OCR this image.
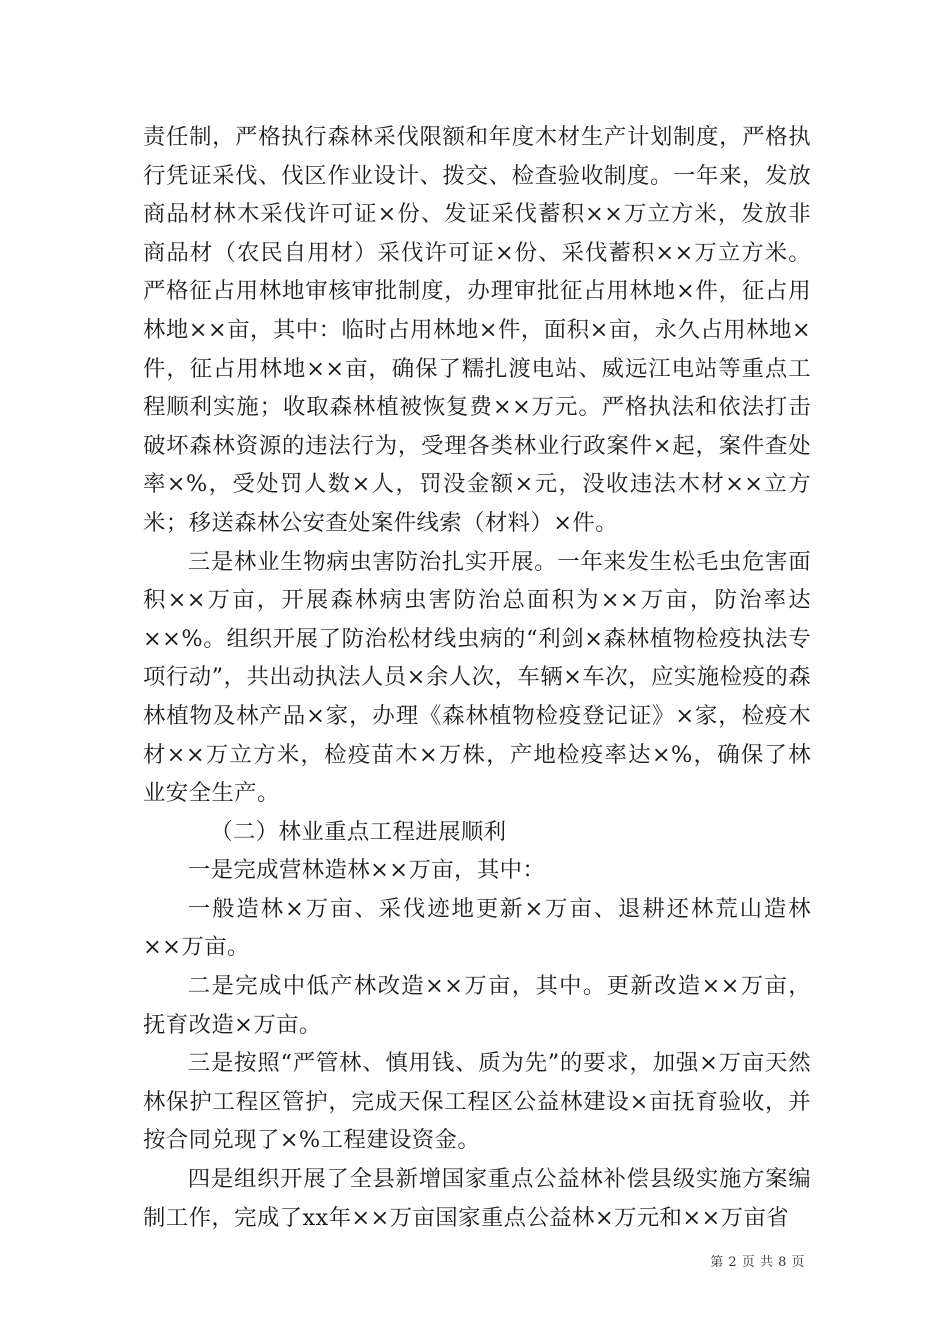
责任制，严格执行森林采伐限额和年度木材生产计划制度，严格执行凭证采伐、伐区作业设计、拨交、检查验收制度。一年来，发放商品材林木采伐许可证×份、发证采伐蓄积××万立方米，发放非商品材（农民自用材）采伐许可证×份、采伐蓄积××万立方米。严格征占用林地审核审批制度，办理审批征占用林地×件，征占用林地××亩，其中：临时占用林地×件，面积×亩，永久占用林地×件，征占用林地××亩，确保了糯扎渡电站、威远江电站等重点工程顺利实施；收取森林植被恢复费××万元。严格执法和依法打击破坏森林资源的违法行为，受理各类林业行政案件×起，案件查处率×%，受处罚人数×人，罚没金额×元，没收违法木材××立方米；移送森林公安查处案件线索（材料）×件。

三是林业生物病虫害防治扎实开展。一年来发生松毛虫危害面积××万亩，开展森林病虫害防治总面积为××万亩，防治率达××%。组织开展了防治松材线虫病的“利剑×森林植物检疫执法专项行动”，共出动执法人员×余人次，车辆×车次，应实施检疫的森林植物及林产品×家，办理《森林植物检疫登记证》×家，检疫木材××万立方米，检疫苗木×万株，产地检疫率达×%，确保了林业安全生产。

（二）林业重点工程进展顺利

一是完成营林造林××万亩，其中：

一般造林×万亩、采伐迹地更新×万亩、退耕还林荒山造林××万亩。

二是完成中低产林改造××万亩，其中。更新改造××万亩，抚育改造×万亩。

三是按照“严管林、慎用钱、质为先”的要求，加强×万亩天然林保护工程区管护，完成天保工程区公益林建设×亩抚育验收，并按合同兑现了×%工程建设资金。

四是组织开展了全县新增国家重点公益林补偿县级实施方案编制工作，完成了xx年××万亩国家重点公益林×万元和××万亩省

第 2 页 共 8 页
